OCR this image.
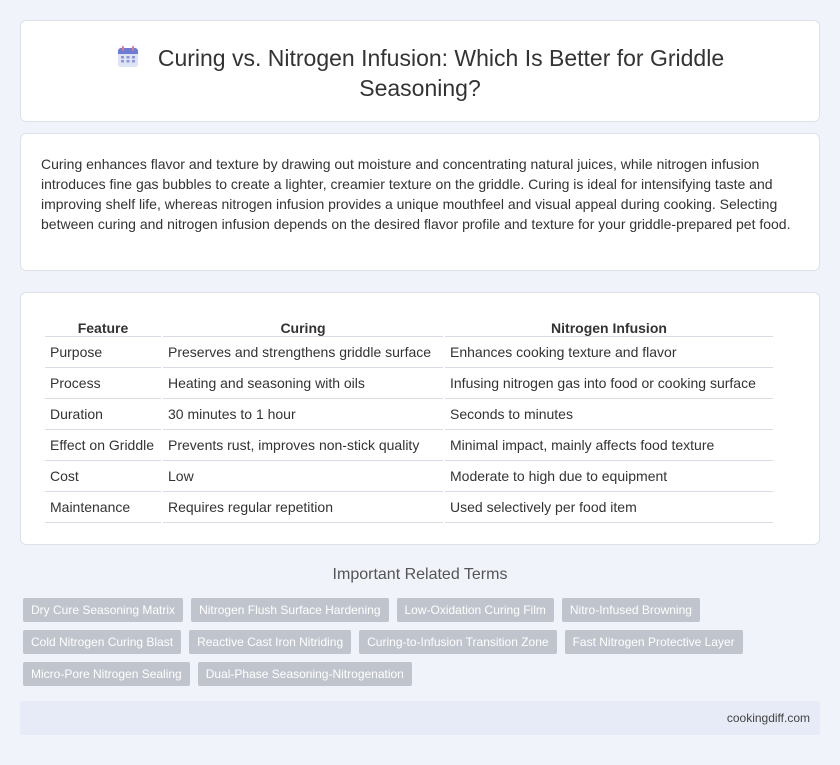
Curing vs. Nitrogen Infusion: Which Is Better for Griddle Seasoning?

Curing enhances flavor and texture by drawing out moisture and concentrating natural juices, while nitrogen infusion introduces fine gas bubbles to create a lighter, creamier texture on the griddle. Curing is ideal for intensifying taste and improving shelf life, whereas nitrogen infusion provides a unique mouthfeel and visual appeal during cooking. Selecting between curing and nitrogen infusion depends on the desired flavor profile and texture for your griddle-prepared pet food.

Feature	Curing	Nitrogen Infusion
Purpose	Preserves and strengthens griddle surface	Enhances cooking texture and flavor
Process	Heating and seasoning with oils	Infusing nitrogen gas into food or cooking surface
Duration	30 minutes to 1 hour	Seconds to minutes
Effect on Griddle	Prevents rust, improves non-stick quality	Minimal impact, mainly affects food texture
Cost	Low	Moderate to high due to equipment
Maintenance	Requires regular repetition	Used selectively per food item
Important Related Terms
Dry Cure Seasoning Matrix	Nitrogen Flush Surface Hardening	Low-Oxidation Curing Film	Nitro-Infused Browning
Cold Nitrogen Curing Blast	Reactive Cast Iron Nitriding	Curing-to-Infusion Transition Zone	Fast Nitrogen Protective Layer
Micro-Pore Nitrogen Sealing	Dual-Phase Seasoning-Nitrogenation
cookingdiff.com
